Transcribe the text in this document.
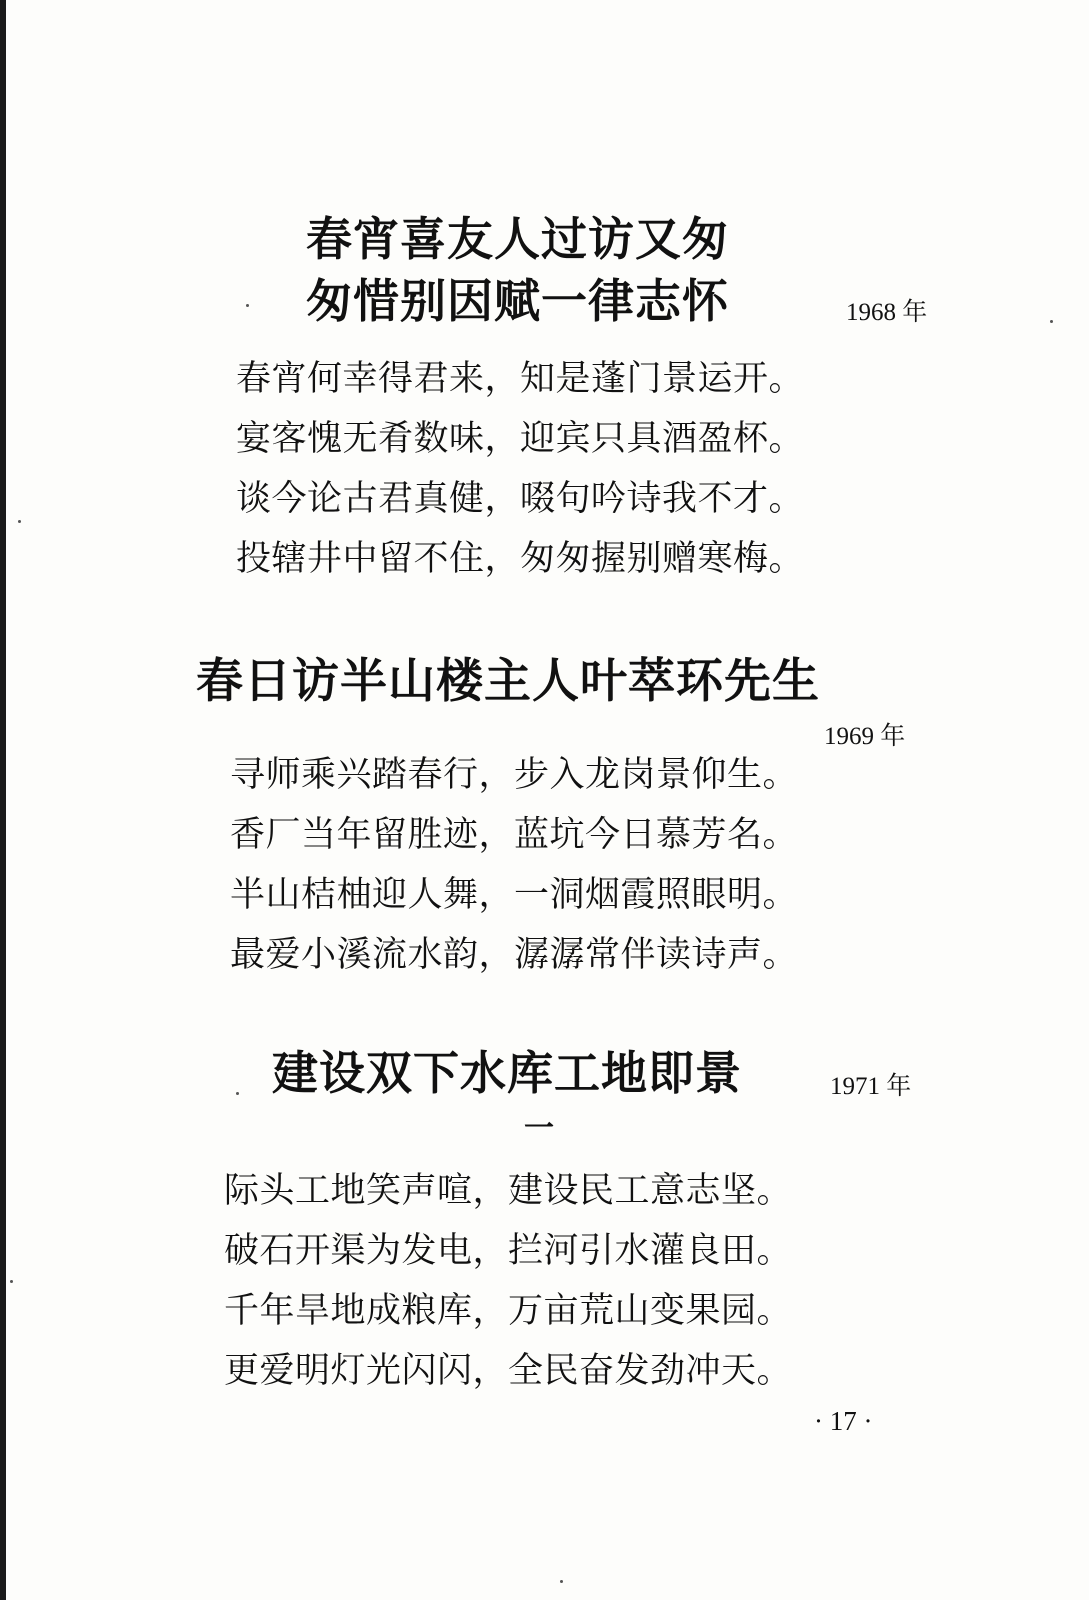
春宵喜友人过访又匆
匆惜别因赋一律志怀	1968 年
春宵何幸得君来，知是蓬门景运开。
宴客愧无肴数味，迎宾只具酒盈杯。
谈今论古君真健，啜句吟诗我不才。
投辖井中留不住，匆匆握别赠寒梅。
春日访半山楼主人叶萃环先生
1969 年
寻师乘兴踏春行，步入龙岗景仰生。
香厂当年留胜迹，蓝坑今日慕芳名。
半山桔柚迎人舞，一洞烟霞照眼明。
最爱小溪流水韵，潺潺常伴读诗声。
建设双下水库工地即景	1971 年
一
际头工地笑声喧，建设民工意志坚。
破石开渠为发电，拦河引水灌良田。
千年旱地成粮库，万亩荒山变果园。
更爱明灯光闪闪，全民奋发劲冲天。
· 17 ·
